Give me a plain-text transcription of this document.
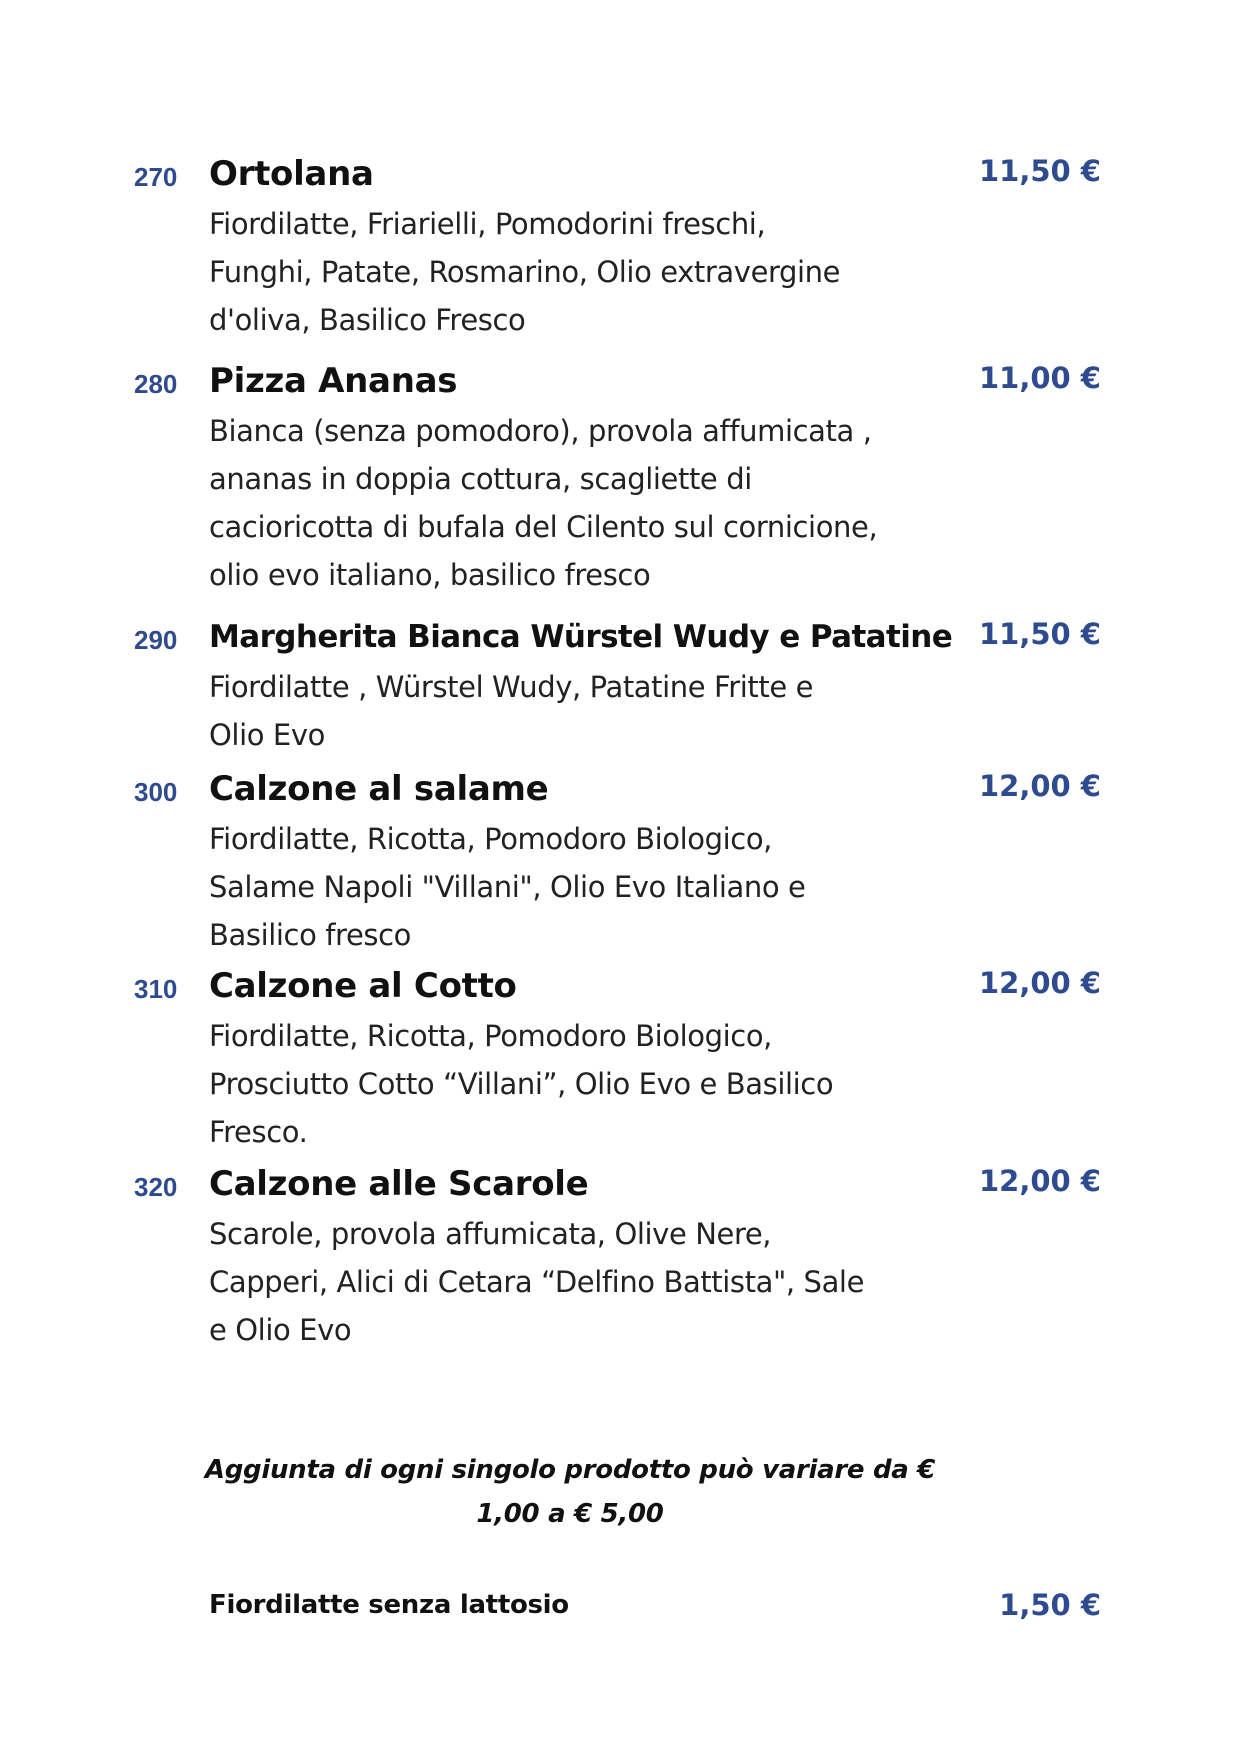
270 Ortolana	11,50 €
Fiordilatte, Friarielli, Pomodorini freschi,
Funghi, Patate, Rosmarino, Olio extravergine
d'oliva, Basilico Fresco
280 Pizza Ananas	11,00 €
Bianca (senza pomodoro), provola affumicata ,
ananas in doppia cottura, scagliette di
cacioricotta di bufala del Cilento sul cornicione,
olio evo italiano, basilico fresco
290 Margherita Bianca Würstel Wudy e Patatine 11,50 €
Fiordilatte , Würstel Wudy, Patatine Fritte e
Olio Evo
300 Calzone al salame	12,00 €
Fiordilatte, Ricotta, Pomodoro Biologico,
Salame Napoli "Villani", Olio Evo Italiano e
Basilico fresco
310 Calzone al Cotto	12,00 €
Fiordilatte, Ricotta, Pomodoro Biologico,
Prosciutto Cotto “Villani”, Olio Evo e Basilico
Fresco.
320 Calzone alle Scarole	12,00 €
Scarole, provola affumicata, Olive Nere,
Capperi, Alici di Cetara “Delfino Battista", Sale
e Olio Evo
Aggiunta di ogni singolo prodotto può variare da €
1,00 a € 5,00
Fiordilatte senza lattosio	1,50 €
